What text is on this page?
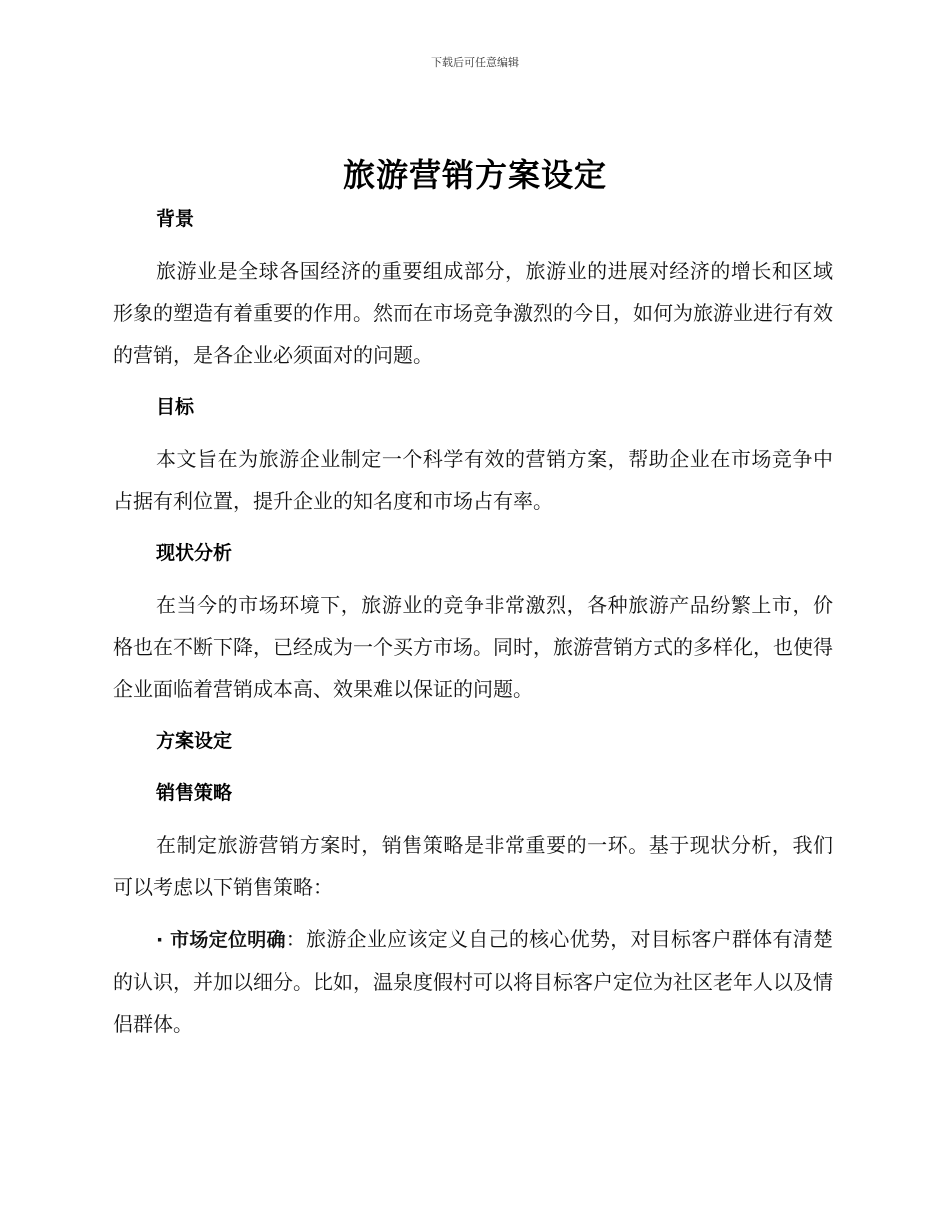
下载后可任意编辑
旅游营销方案设定
背景

旅游业是全球各国经济的重要组成部分，旅游业的进展对经济的增长和区域形象的塑造有着重要的作用。然而在市场竞争激烈的今日，如何为旅游业进行有效的营销，是各企业必须面对的问题。

目标

本文旨在为旅游企业制定一个科学有效的营销方案，帮助企业在市场竞争中占据有利位置，提升企业的知名度和市场占有率。

现状分析

在当今的市场环境下，旅游业的竞争非常激烈，各种旅游产品纷繁上市，价格也在不断下降，已经成为一个买方市场。同时，旅游营销方式的多样化，也使得企业面临着营销成本高、效果难以保证的问题。

方案设定
销售策略

在制定旅游营销方案时，销售策略是非常重要的一环。基于现状分析，我们可以考虑以下销售策略：

· 市场定位明确：旅游企业应该定义自己的核心优势，对目标客户群体有清楚的认识，并加以细分。比如，温泉度假村可以将目标客户定位为社区老年人以及情侣群体。
